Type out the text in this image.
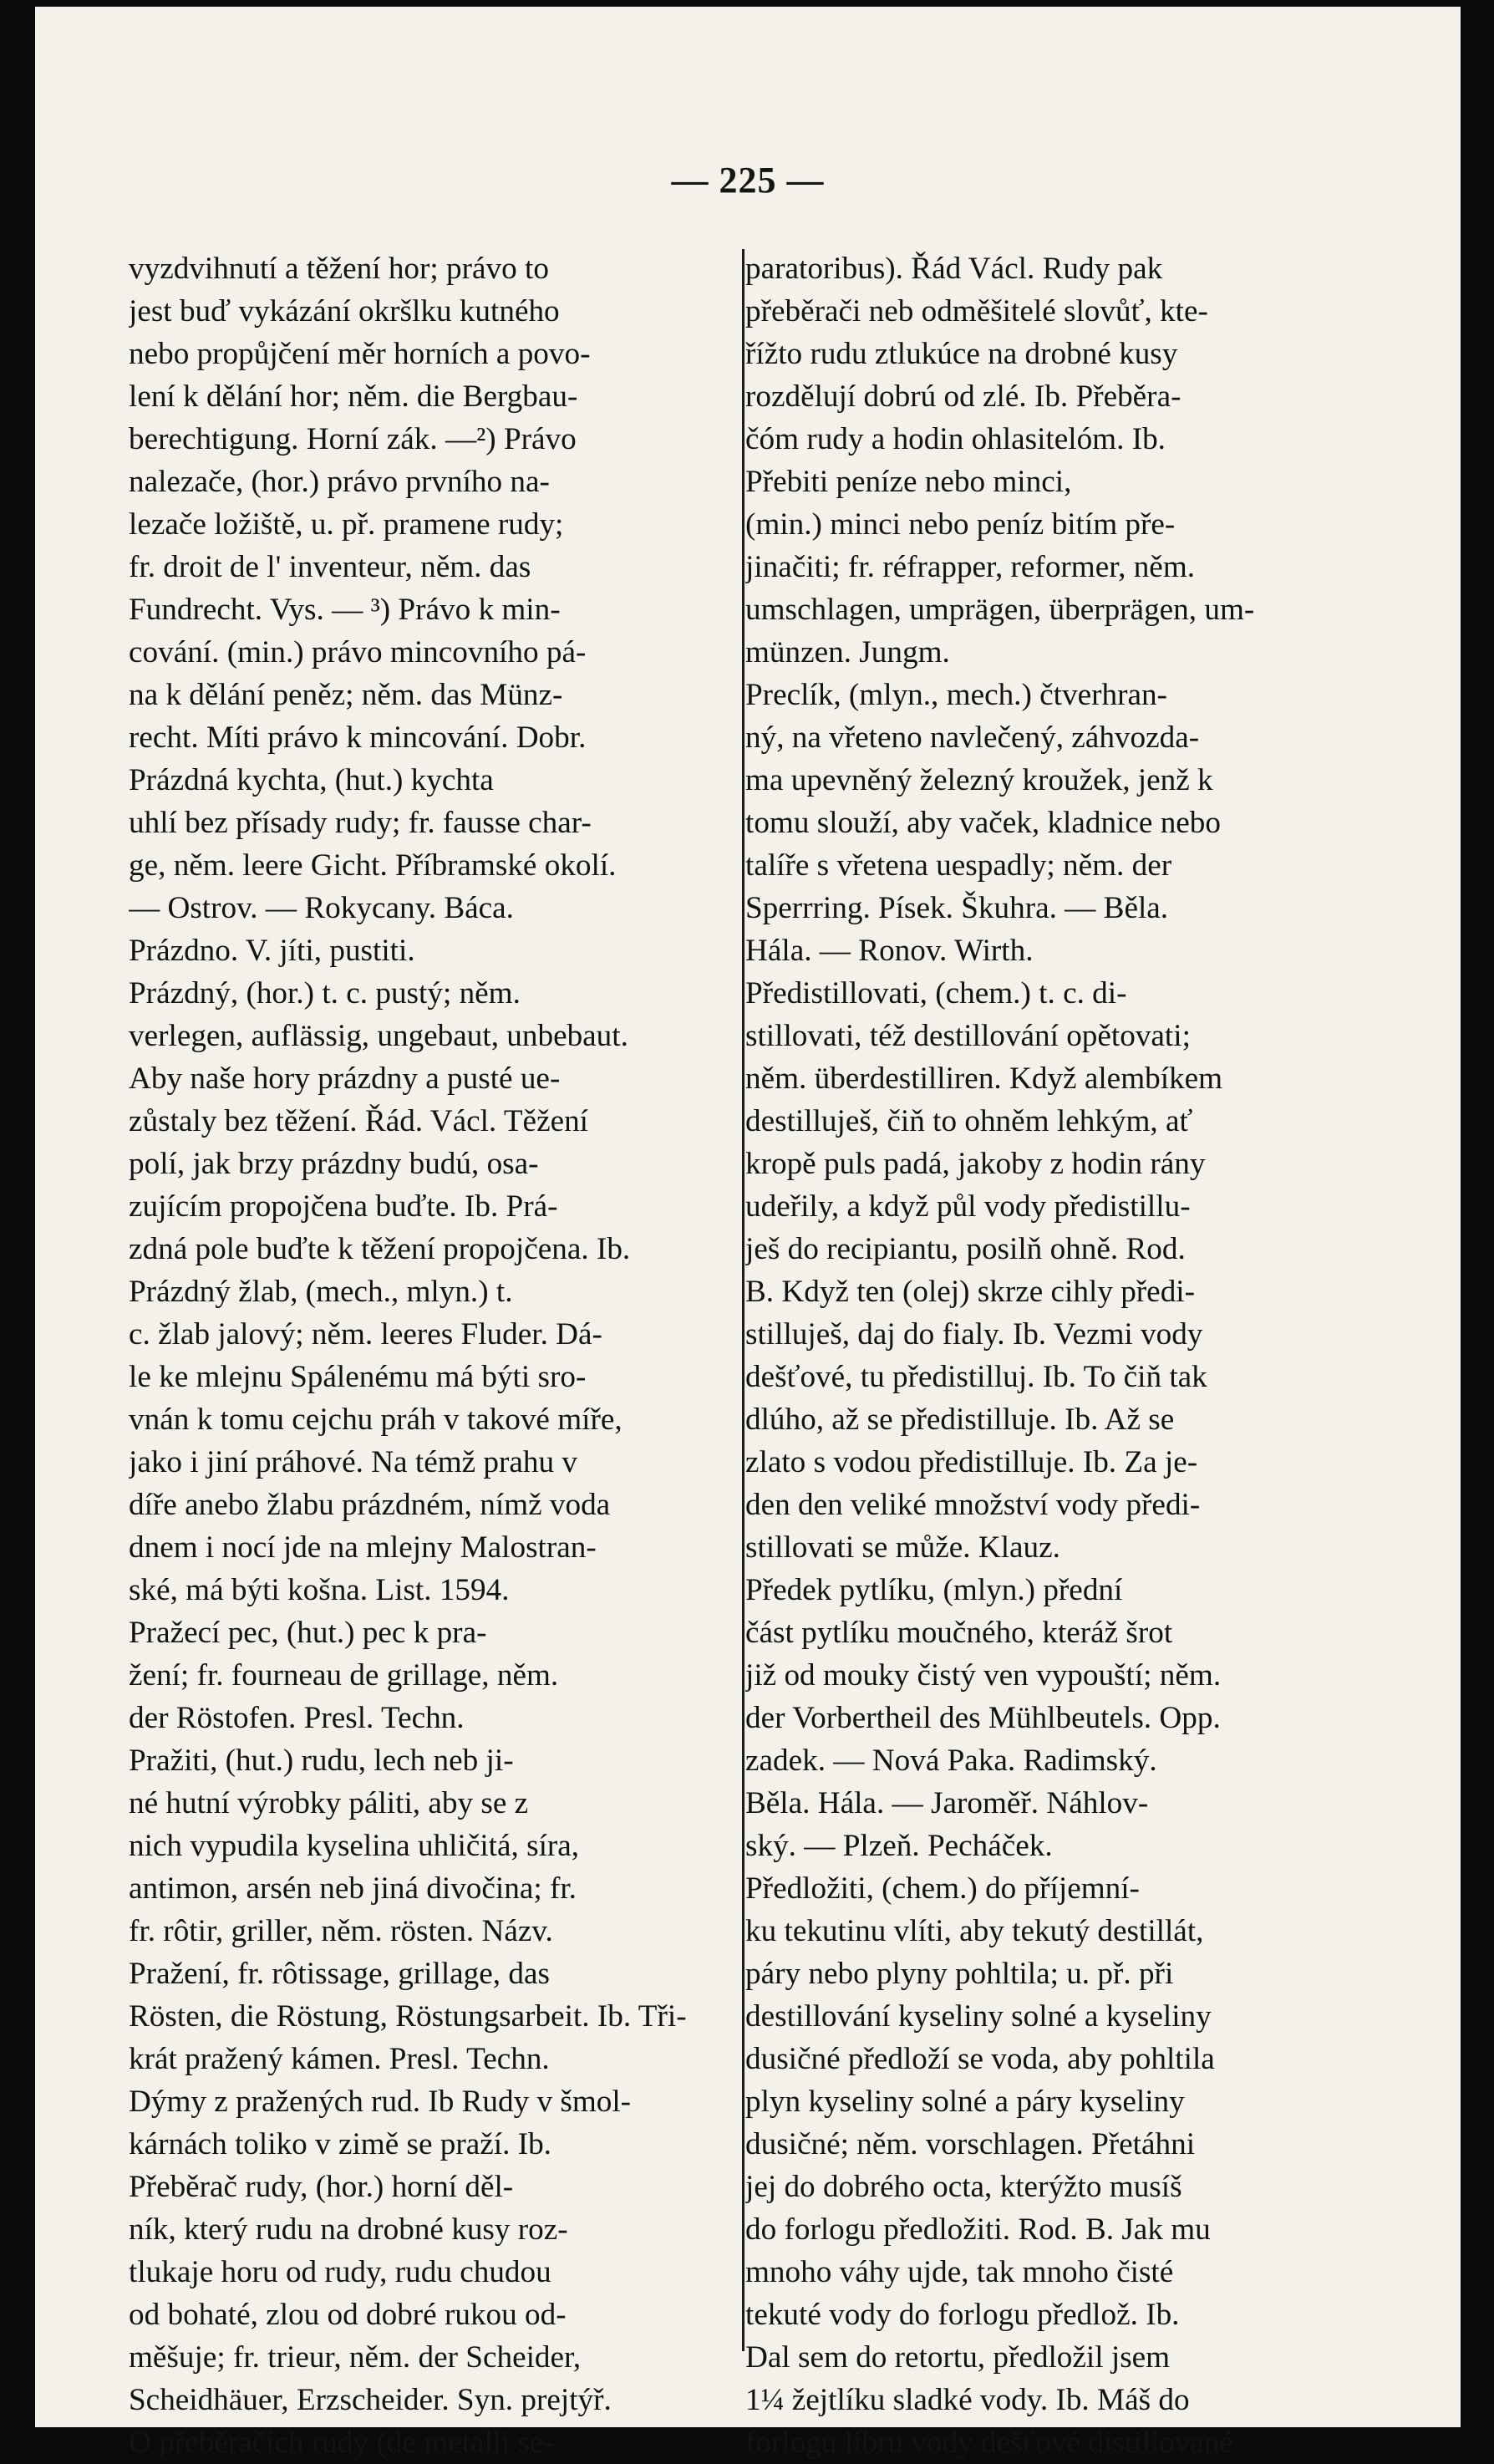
— 225 —
vyzdvihnutí a těžení hor; právo to
jest buď vykázání okršlku kutného
nebo propůjčení měr horních a povo-
lení k dělání hor; něm. die Bergbau-
berechtigung. Horní zák. —²) Právo
nalezače, (hor.) právo prvního na-
lezače ložiště, u. př. pramene rudy;
fr. droit de l' inventeur, něm. das
Fundrecht. Vys. — ³) Právo k min-
cování. (min.) právo mincovního pá-
na k dělání peněz; něm. das Münz-
recht. Míti právo k mincování. Dobr.
Prázdná kychta, (hut.) kychta
uhlí bez přísady rudy; fr. fausse char-
ge, něm. leere Gicht. Příbramské okolí.
— Ostrov. — Rokycany. Báca.
Prázdno. V. jíti, pustiti.
Prázdný, (hor.) t. c. pustý; něm.
verlegen, auflässig, ungebaut, unbebaut.
Aby naše hory prázdny a pusté ue-
zůstaly bez těžení. Řád. Václ. Těžení
polí, jak brzy prázdny budú, osa-
zujícím propojčena buďte. Ib. Prá-
zdná pole buďte k těžení propojčena. Ib.
Prázdný žlab, (mech., mlyn.) t.
c. žlab jalový; něm. leeres Fluder. Dá-
le ke mlejnu Spálenému má býti sro-
vnán k tomu cejchu práh v takové míře,
jako i jiní práhové. Na témž prahu v
díře anebo žlabu prázdném, nímž voda
dnem i nocí jde na mlejny Malostran-
ské, má býti košna. List. 1594.
Pražecí pec, (hut.) pec k pra-
žení; fr. fourneau de grillage, něm.
der Röstofen. Presl. Techn.
Pražiti, (hut.) rudu, lech neb ji-
né hutní výrobky páliti, aby se z
nich vypudila kyselina uhličitá, síra,
antimon, arsén neb jiná divočina; fr.
fr. rôtir, griller, něm. rösten. Názv.
Pražení, fr. rôtissage, grillage, das
Rösten, die Röstung, Röstungsarbeit. Ib. Tři-
krát pražený kámen. Presl. Techn.
Dýmy z pražených rud. Ib Rudy v šmol-
kárnách toliko v zimě se praží. Ib.
Přeběrač rudy, (hor.) horní děl-
ník, který rudu na drobné kusy roz-
tlukaje horu od rudy, rudu chudou
od bohaté, zlou od dobré rukou od-
měšuje; fr. trieur, něm. der Scheider,
Scheidhäuer, Erzscheider. Syn. prejtýř.
O přeběračích rudy (de metalli se-
paratoribus). Řád Václ. Rudy pak
přeběrači neb odměšitelé slovůť, kte-
řížto rudu ztlukúce na drobné kusy
rozdělují dobrú od zlé. Ib. Přeběra-
čóm rudy a hodin ohlasitelóm. Ib.
Přebiti peníze nebo minci,
(min.) minci nebo peníz bitím pře-
jinačiti; fr. réfrapper, reformer, něm.
umschlagen, umprägen, überprägen, um-
münzen. Jungm.
Preclík, (mlyn., mech.) čtverhran-
ný, na vřeteno navlečený, záhvozda-
ma upevněný železný kroužek, jenž k
tomu slouží, aby vaček, kladnice nebo
talíře s vřetena uespadly; něm. der
Sperrring. Písek. Škuhra. — Běla.
Hála. — Ronov. Wirth.
Předistillovati, (chem.) t. c. di-
stillovati, též destillování opětovati;
něm. überdestilliren. Když alembíkem
destilluješ, čiň to ohněm lehkým, ať
kropě puls padá, jakoby z hodin rány
udeřily, a když půl vody předistillu-
ješ do recipiantu, posilň ohně. Rod.
B. Když ten (olej) skrze cihly předi-
stilluješ, daj do fialy. Ib. Vezmi vody
dešťové, tu předistilluj. Ib. To čiň tak
dlúho, až se předistilluje. Ib. Až se
zlato s vodou předistilluje. Ib. Za je-
den den veliké množství vody předi-
stillovati se může. Klauz.
Předek pytlíku, (mlyn.) přední
část pytlíku moučného, kteráž šrot
již od mouky čistý ven vypouští; něm.
der Vorbertheil des Mühlbeutels. Opp.
zadek. — Nová Paka. Radimský.
Běla. Hála. — Jaroměř. Náhlov-
ský. — Plzeň. Pecháček.
Předložiti, (chem.) do příjemní-
ku tekutinu vlíti, aby tekutý destillát,
páry nebo plyny pohltila; u. př. při
destillování kyseliny solné a kyseliny
dusičné předloží se voda, aby pohltila
plyn kyseliny solné a páry kyseliny
dusičné; něm. vorschlagen. Přetáhni
jej do dobrého octa, kterýžto musíš
do forlogu předložiti. Rod. B. Jak mu
mnoho váhy ujde, tak mnoho čisté
tekuté vody do forlogu předlož. Ib.
Dal sem do retortu, předložil jsem
1¼ žejtlíku sladké vody. Ib. Máš do
forlogu libru vody dešťové distillované
